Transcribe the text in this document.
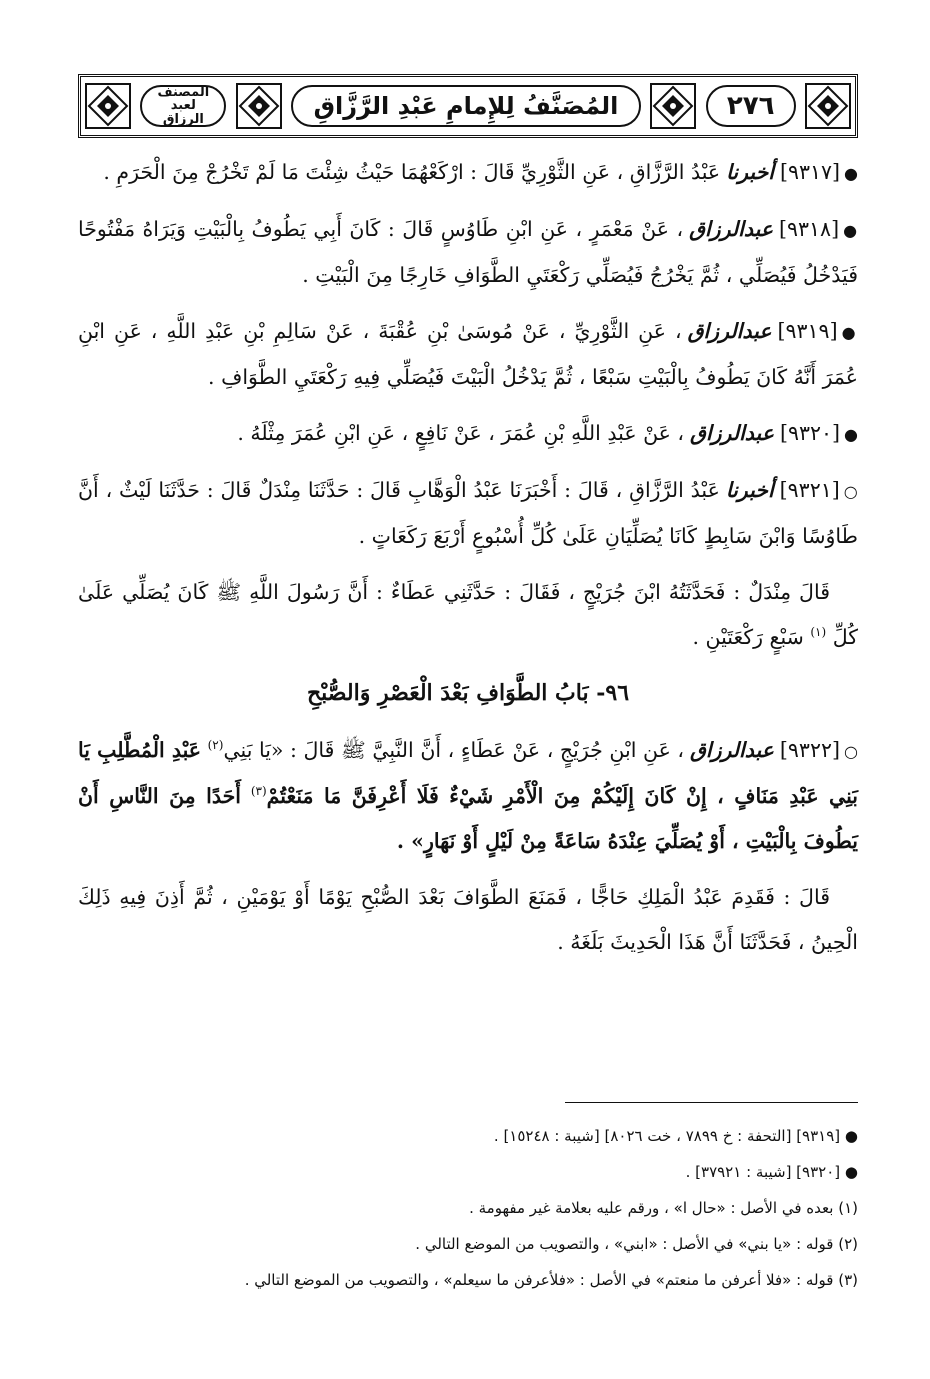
المصنف لعبد الرزاق	المُصَنَّفُ لِلإِمامِ عَبْدِ الرَّزَّاقِ	٢٧٦

●[٩٣١٧]أخبرناعَبْدُ الرَّزَّاقِ ، عَنِ الثَّوْرِيِّ قَالَ : ارْكَعْهُمَا حَيْثُ شِئْتَ مَا لَمْ تَخْرُجْ مِنَ الْحَرَمِ .

●[٩٣١٨]عبدالرزاق، عَنْ مَعْمَرٍ ، عَنِ ابْنِ طَاوُسٍ قَالَ : كَانَ أَبِي يَطُوفُ بِالْبَيْتِ وَيَرَاهُ مَفْتُوحًا فَيَدْخُلُ فَيُصَلِّي ، ثُمَّ يَخْرُجُ فَيُصَلِّي رَكْعَتَيِ الطَّوَافِ خَارِجًا مِنَ الْبَيْتِ .

●[٩٣١٩]عبدالرزاق، عَنِ الثَّوْرِيِّ ، عَنْ مُوسَىٰ بْنِ عُقْبَةَ ، عَنْ سَالِمِ بْنِ عَبْدِ اللَّهِ ، عَنِ ابْنِ عُمَرَ أَنَّهُ كَانَ يَطُوفُ بِالْبَيْتِ سَبْعًا ، ثُمَّ يَدْخُلُ الْبَيْتَ فَيُصَلِّي فِيهِ رَكْعَتَيِ الطَّوَافِ .

●[٩٣٢٠]عبدالرزاق، عَنْ عَبْدِ اللَّهِ بْنِ عُمَرَ ، عَنْ نَافِعٍ ، عَنِ ابْنِ عُمَرَ مِثْلَهُ .

○[٩٣٢١]أخبرناعَبْدُ الرَّزَّاقِ ، قَالَ : أَخْبَرَنَا عَبْدُ الْوَهَّابِ قَالَ : حَدَّثَنَا مِنْدَلٌ قَالَ : حَدَّثَنَا لَيْثٌ ، أَنَّ طَاوُسًا وَابْنَ سَابِطٍ كَانَا يُصَلِّيَانِ عَلَىٰ كُلِّ أُسْبُوعٍ أَرْبَعَ رَكَعَاتٍ .

قَالَ مِنْدَلٌ : فَحَدَّثَتُهُ ابْنَ جُرَيْجٍ ، فَقَالَ : حَدَّثَنِي عَطَاءٌ : أَنَّ رَسُولَ اللَّهِ ﷺ كَانَ يُصَلِّي عَلَىٰ كُلِّ $^{(١)}$ سَبْعٍ رَكْعَتَيْنِ .

٩٦- بَابُ الطَّوَافِ بَعْدَ الْعَصْرِ وَالصُّبْحِ

○[٩٣٢٢]عبدالرزاق، عَنِ ابْنِ جُرَيْجٍ ، عَنْ عَطَاءٍ ، أَنَّ النَّبِيَّ ﷺ قَالَ : «يَا بَنِي$^{(٢)}$ عَبْدِ الْمُطَّلِبِ يَا بَنِي عَبْدِ مَنَافٍ ، إِنْ كَانَ إِلَيْكُمْ مِنَ الْأَمْرِ شَيْءٌ فَلَا أَعْرِفَنَّ مَا مَنَعْتُمْ$^{(٣)}$ أَحَدًا مِنَ النَّاسِ أَنْ يَطُوفَ بِالْبَيْتِ ، أَوْ يُصَلِّيَ عِنْدَهُ سَاعَةً مِنْ لَيْلٍ أَوْ نَهَارٍ» .

قَالَ : فَقَدِمَ عَبْدُ الْمَلِكِ حَاجًّا ، فَمَنَعَ الطَّوَافَ بَعْدَ الصُّبْحِ يَوْمًا أَوْ يَوْمَيْنِ ، ثُمَّ أَذِنَ فِيهِ ذَلِكَ الْحِينُ ، فَحَدَّثَنَا أَنَّ هَذَا الْحَدِيثَ بَلَغَهُ .

● [٩٣١٩] [التحفة : خ ٧٨٩٩ ، خت ٨٠٢٦] [شيبة : ١٥٢٤٨] .
● [٩٣٢٠] [شيبة : ٣٧٩٢١] .
(١) بعده في الأصل : «حال ا» ، ورقم عليه بعلامة غير مفهومة .
(٢) قوله : «يا بني» في الأصل : «ابني» ، والتصويب من الموضع التالي .
(٣) قوله : «فلا أعرفن ما منعتم» في الأصل : «فلأعرفن ما سيعلم» ، والتصويب من الموضع التالي .
